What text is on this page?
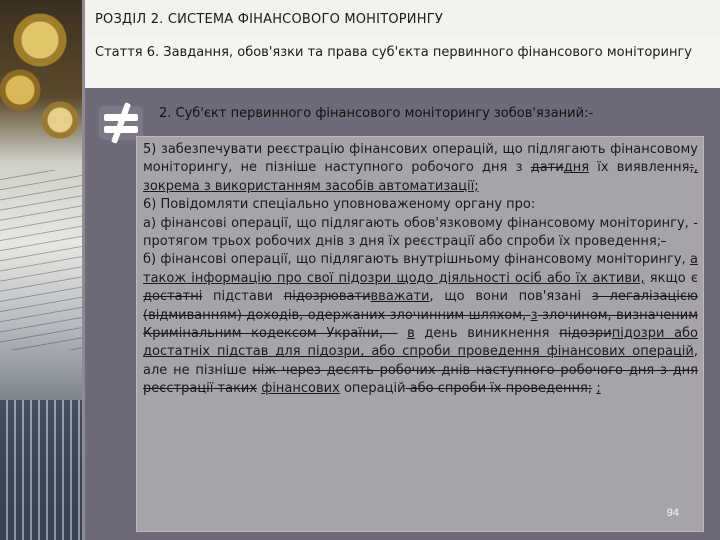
РОЗДІЛ 2. СИСТЕМА ФІНАНСОВОГО МОНІТОРИНГУ
Стаття 6. Завдання, обов'язки та права суб'єкта первинного фінансового моніторингу
2. Суб'єкт первинного фінансового моніторингу зобов'язаний:-

5) забезпечувати реєстрацію фінансових операцій, що підлягають фінансовому моніторингу, не пізніше наступного робочого дня з датидня їх виявлення;, зокрема з використанням засобів автоматизації;

6) Повідомляти спеціально уповноваженому органу про:

а) фінансові операції, що підлягають обов'язковому фінансовому моніторингу, - протягом трьох робочих днів з дня їх реєстрації або спроби їх проведення;-

б) фінансові операції, що підлягають внутрішньому фінансовому моніторингу, а також інформацію про свої підозри щодо діяльності осіб або їх активи, якщо є достатні підстави підозрювативважати, що вони пов'язані з легалізацією (відмиванням) доходів, одержаних злочинним шляхом, з злочином, визначеним Кримінальним кодексом України, - в день виникнення підозрипідозри або достатніх підстав для підозри, або спроби проведення фінансових операцій, але не пізніше ніж через десять робочих днів наступного робочого дня з дня реєстрації таких фінансових операцій або спроби їх проведення; ;

94
